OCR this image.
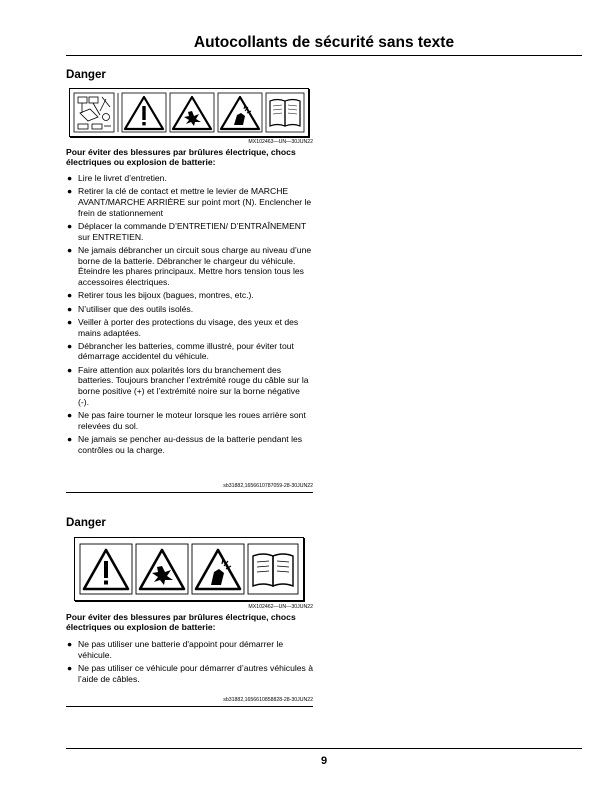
Autocollants de sécurité sans texte
Danger
MX102463—UN—30JUN22

Pour éviter des blessures par brûlures électrique, chocs électriques ou explosion de batterie:

● Lire le livret d’entretien.
● Retirer la clé de contact et mettre le levier de MARCHE AVANT/MARCHE ARRIÈRE sur point mort (N). Enclencher le frein de stationnement
● Déplacer la commande D’ENTRETIEN/ D’ENTRAÎNEMENT sur ENTRETIEN.
● Ne jamais débrancher un circuit sous charge au niveau d’une borne de la batterie. Débrancher le chargeur du véhicule. Éteindre les phares principaux. Mettre hors tension tous les accessoires électriques.
● Retirer tous les bijoux (bagues, montres, etc.).
● N’utiliser que des outils isolés.
● Veiller à porter des protections du visage, des yeux et des mains adaptées.
● Débrancher les batteries, comme illustré, pour éviter tout démarrage accidentel du véhicule.
● Faire attention aux polarités lors du branchement des batteries. Toujours brancher l’extrémité rouge du câble sur la borne positive (+) et l’extrémité noire sur la borne négative (-).
● Ne pas faire tourner le moteur lorsque les roues arrière sont relevées du sol.
● Ne jamais se pencher au-dessus de la batterie pendant les contrôles ou la charge.
sb31882,1656610787059-28-30JUN22
Danger
MX102462—UN—30JUN22

Pour éviter des blessures par brûlures électrique, chocs électriques ou explosion de batterie:

● Ne pas utiliser une batterie d'appoint pour démarrer le véhicule.
● Ne pas utiliser ce véhicule pour démarrer d’autres véhicules à l’aide de câbles.
sb31882,1656610858828-28-30JUN22
9
